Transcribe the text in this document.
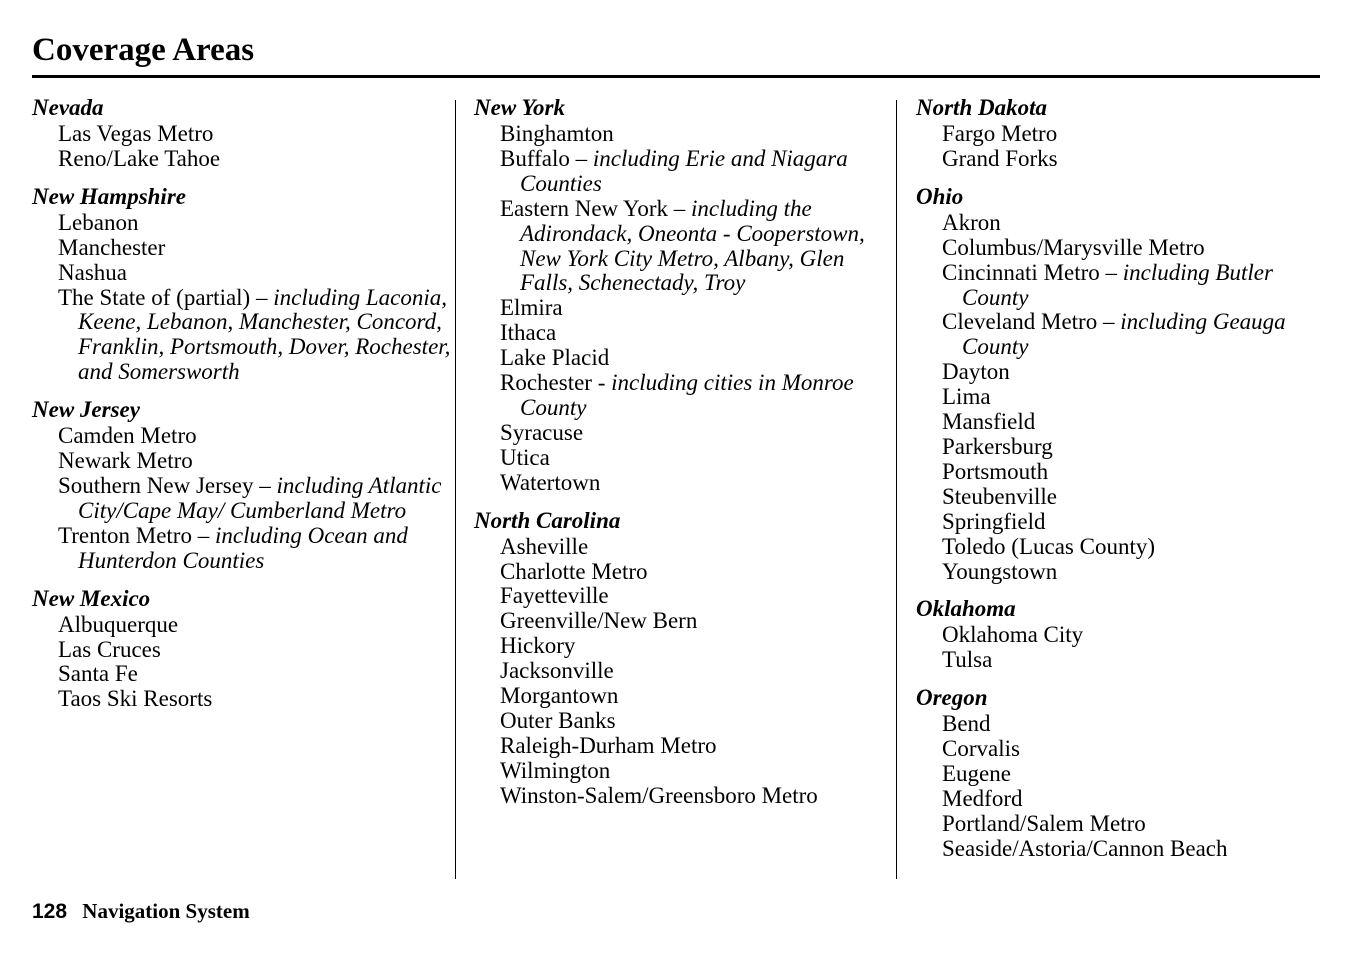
Coverage Areas
Nevada
Las Vegas Metro
Reno/Lake Tahoe
New Hampshire
Lebanon
Manchester
Nashua
The State of (partial) – including Laconia, Keene, Lebanon, Manchester, Concord, Franklin, Portsmouth, Dover, Rochester, and Somersworth
New Jersey
Camden Metro
Newark Metro
Southern New Jersey – including Atlantic City/Cape May/ Cumberland Metro
Trenton Metro – including Ocean and Hunterdon Counties
New Mexico
Albuquerque
Las Cruces
Santa Fe
Taos Ski Resorts
New York
Binghamton
Buffalo – including Erie and Niagara Counties
Eastern New York – including the Adirondack, Oneonta - Cooperstown, New York City Metro, Albany, Glen Falls, Schenectady, Troy
Elmira
Ithaca
Lake Placid
Rochester - including cities in Monroe County
Syracuse
Utica
Watertown
North Carolina
Asheville
Charlotte Metro
Fayetteville
Greenville/New Bern
Hickory
Jacksonville
Morgantown
Outer Banks
Raleigh-Durham Metro
Wilmington
Winston-Salem/Greensboro Metro
North Dakota
Fargo Metro
Grand Forks
Ohio
Akron
Columbus/Marysville Metro
Cincinnati Metro – including Butler County
Cleveland Metro – including Geauga County
Dayton
Lima
Mansfield
Parkersburg
Portsmouth
Steubenville
Springfield
Toledo (Lucas County)
Youngstown
Oklahoma
Oklahoma City
Tulsa
Oregon
Bend
Corvalis
Eugene
Medford
Portland/Salem Metro
Seaside/Astoria/Cannon Beach
128 Navigation System
